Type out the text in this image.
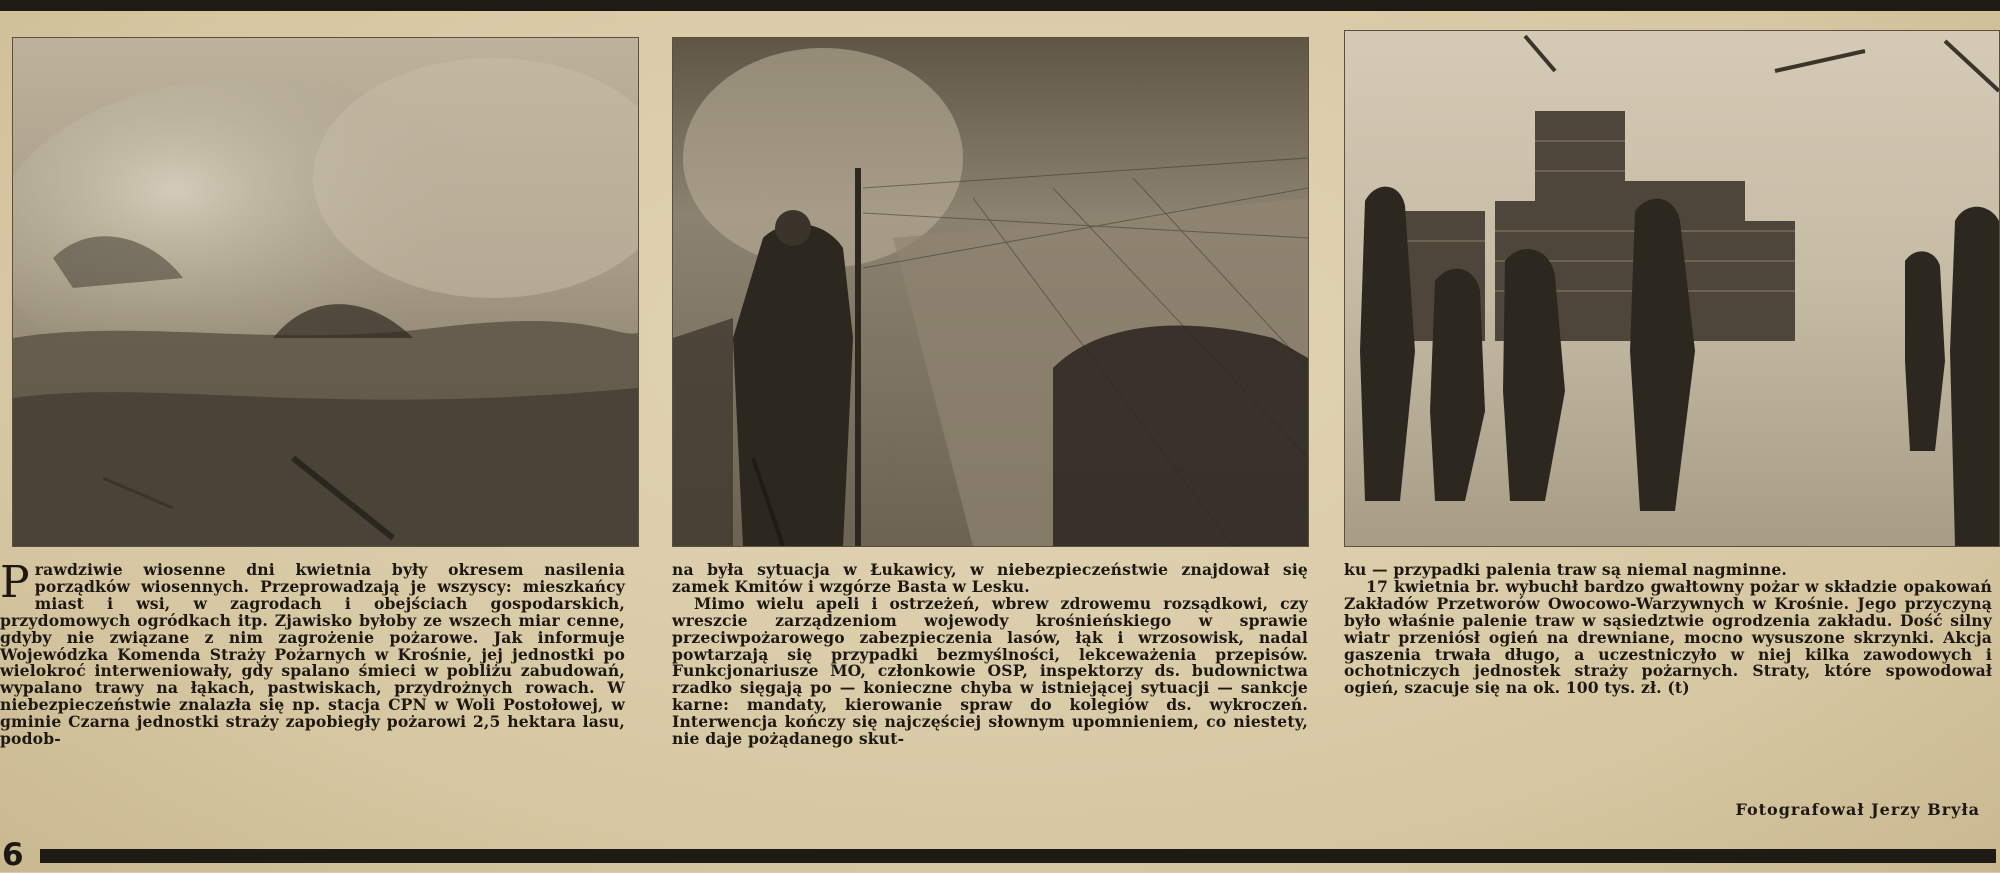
Prawdziwie wiosenne dni kwietnia były okresem nasilenia porządków wiosennych. Przeprowadzają je wszyscy: mieszkańcy miast i wsi, w zagrodach i obejściach gospodarskich, przydomowych ogródkach itp. Zjawisko byłoby ze wszech miar cenne, gdyby nie związane z nim zagrożenie pożarowe. Jak informuje Wojewódzka Komenda Straży Pożarnych w Krośnie, jej jednostki po wielokroć interweniowały, gdy spalano śmieci w pobliżu zabudowań, wypalano trawy na łąkach, pastwiskach, przydrożnych rowach. W niebezpieczeństwie znalazła się np. stacja CPN w Woli Postołowej, w gminie Czarna jednostki straży zapobiegły pożarowi 2,5 hektara lasu, podob-

na była sytuacja w Łukawicy, w niebezpieczeństwie znajdował się zamek Kmitów i wzgórze Basta w Lesku.

Mimo wielu apeli i ostrzeżeń, wbrew zdrowemu rozsądkowi, czy wreszcie zarządzeniom wojewody krośnieńskiego w sprawie przeciwpożarowego zabezpieczenia lasów, łąk i wrzosowisk, nadal powtarzają się przypadki bezmyślności, lekceważenia przepisów. Funkcjonariusze MO, członkowie OSP, inspektorzy ds. budownictwa rzadko sięgają po — konieczne chyba w istniejącej sytuacji — sankcje karne: mandaty, kierowanie spraw do kolegiów ds. wykroczeń. Interwencja kończy się najczęściej słownym upomnieniem, co niestety, nie daje pożądanego skut-

ku — przypadki palenia traw są niemal nagminne.

17 kwietnia br. wybuchł bardzo gwałtowny pożar w składzie opakowań Zakładów Przetworów Owocowo-Warzywnych w Krośnie. Jego przyczyną było właśnie palenie traw w sąsiedztwie ogrodzenia zakładu. Dość silny wiatr przeniósł ogień na drewniane, mocno wysuszone skrzynki. Akcja gaszenia trwała długo, a uczestniczyło w niej kilka zawodowych i ochotniczych jednostek straży pożarnych. Straty, które spowodował ogień, szacuje się na ok. 100 tys. zł. (t)

Fotografował Jerzy Bryła
6
